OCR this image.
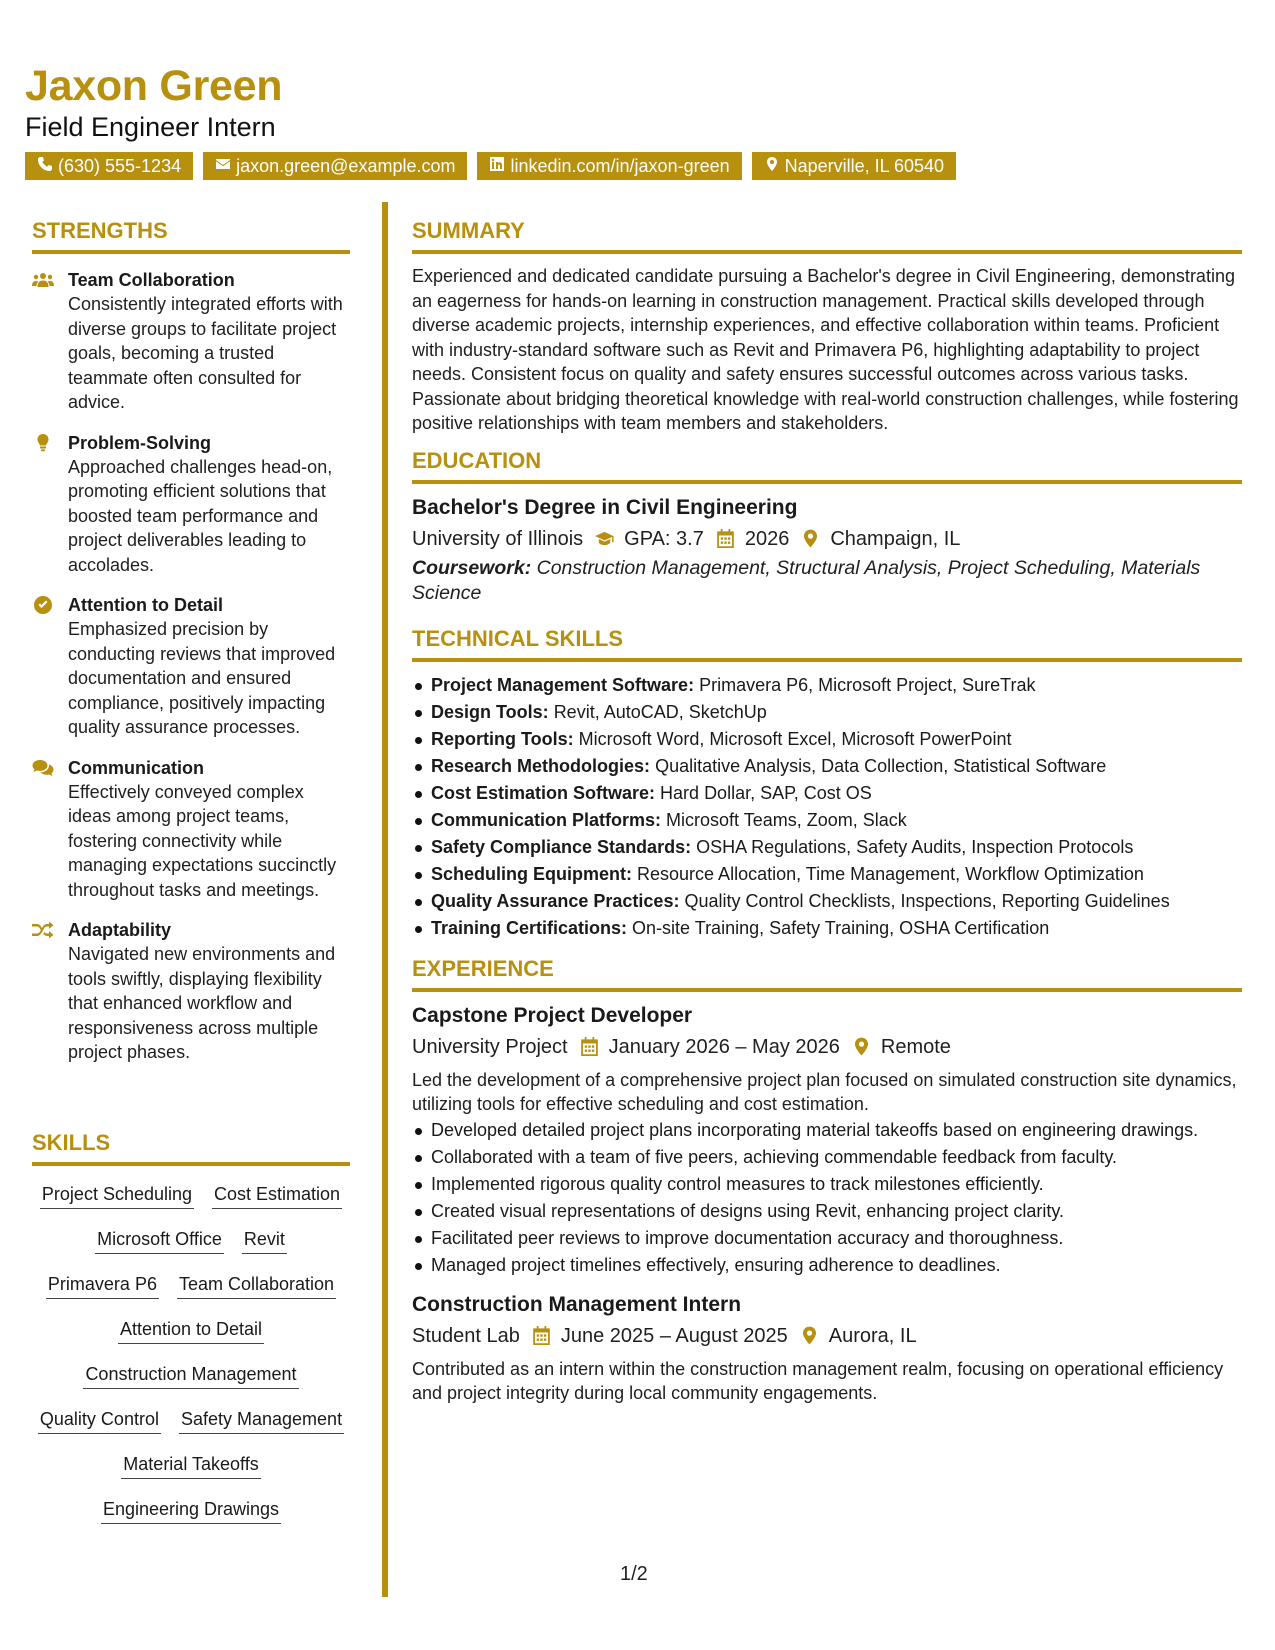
Jaxon Green
Field Engineer Intern
(630) 555-1234	jaxon.green@example.com	linkedin.com/in/jaxon-green	Naperville, IL 60540
STRENGTHS
Team Collaboration
Consistently integrated efforts with diverse groups to facilitate project goals, becoming a trusted teammate often consulted for advice.
Problem-Solving
Approached challenges head-on, promoting efficient solutions that boosted team performance and project deliverables leading to accolades.
Attention to Detail
Emphasized precision by conducting reviews that improved documentation and ensured compliance, positively impacting quality assurance processes.
Communication
Effectively conveyed complex ideas among project teams, fostering connectivity while managing expectations succinctly throughout tasks and meetings.
Adaptability
Navigated new environments and tools swiftly, displaying flexibility that enhanced workflow and responsiveness across multiple project phases.
SKILLS
Project Scheduling Cost Estimation
Microsoft Office Revit
Primavera P6 Team Collaboration
Attention to Detail
Construction Management
Quality Control Safety Management
Material Takeoffs
Engineering Drawings
SUMMARY
Experienced and dedicated candidate pursuing a Bachelor's degree in Civil Engineering, demonstrating an eagerness for hands-on learning in construction management. Practical skills developed through diverse academic projects, internship experiences, and effective collaboration within teams. Proficient with industry-standard software such as Revit and Primavera P6, highlighting adaptability to project needs. Consistent focus on quality and safety ensures successful outcomes across various tasks. Passionate about bridging theoretical knowledge with real-world construction challenges, while fostering positive relationships with team members and stakeholders.
EDUCATION
Bachelor's Degree in Civil Engineering
University of Illinois GPA: 3.7 2026 Champaign, IL
Coursework: Construction Management, Structural Analysis, Project Scheduling, Materials Science
TECHNICAL SKILLS
Project Management Software: Primavera P6, Microsoft Project, SureTrak
Design Tools: Revit, AutoCAD, SketchUp
Reporting Tools: Microsoft Word, Microsoft Excel, Microsoft PowerPoint
Research Methodologies: Qualitative Analysis, Data Collection, Statistical Software
Cost Estimation Software: Hard Dollar, SAP, Cost OS
Communication Platforms: Microsoft Teams, Zoom, Slack
Safety Compliance Standards: OSHA Regulations, Safety Audits, Inspection Protocols
Scheduling Equipment: Resource Allocation, Time Management, Workflow Optimization
Quality Assurance Practices: Quality Control Checklists, Inspections, Reporting Guidelines
Training Certifications: On-site Training, Safety Training, OSHA Certification
EXPERIENCE
Capstone Project Developer
University Project January 2026 – May 2026 Remote
Led the development of a comprehensive project plan focused on simulated construction site dynamics, utilizing tools for effective scheduling and cost estimation.
Developed detailed project plans incorporating material takeoffs based on engineering drawings.
Collaborated with a team of five peers, achieving commendable feedback from faculty.
Implemented rigorous quality control measures to track milestones efficiently.
Created visual representations of designs using Revit, enhancing project clarity.
Facilitated peer reviews to improve documentation accuracy and thoroughness.
Managed project timelines effectively, ensuring adherence to deadlines.
Construction Management Intern
Student Lab June 2025 – August 2025 Aurora, IL
Contributed as an intern within the construction management realm, focusing on operational efficiency and project integrity during local community engagements.
1/2
